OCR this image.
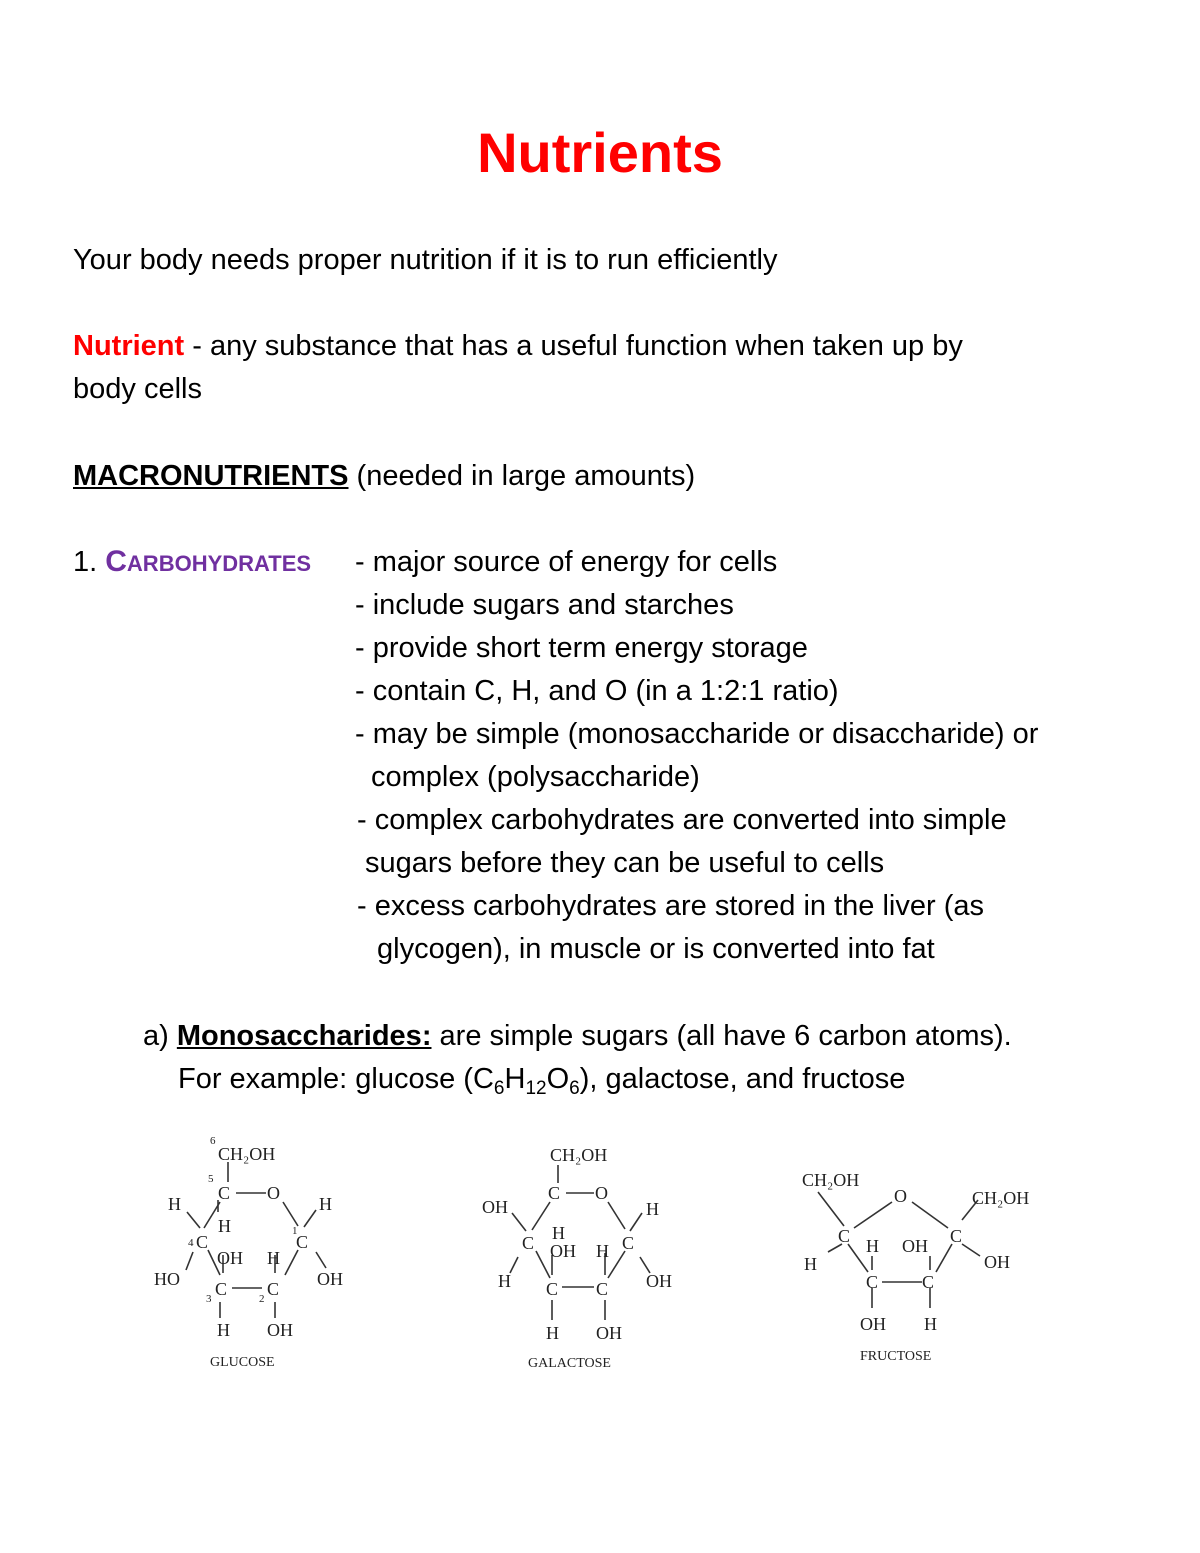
Nutrients
Your body needs proper nutrition if it is to run efficiently
Nutrient - any substance that has a useful function when taken up by
body cells
MACRONUTRIENTS (needed in large amounts)
1. CARBOHYDRATES - major source of energy for cells
- include sugars and starches
- provide short term energy storage
- contain C, H, and O (in a 1:2:1 ratio)
- may be simple (monosaccharide or disaccharide) or
complex (polysaccharide)
- complex carbohydrates are converted into simple
sugars before they can be useful to cells
- excess carbohydrates are stored in the liver (as
glycogen), in muscle or is converted into fat
a) Monosaccharides: are simple sugars (all have 6 carbon atoms).
For example: glucose $(C_6H_{12}O_6)$, galactose, and fructose
6
CH₂OH
5
C O
H	H
H
4 C
1
C
OH H
HO	OH
3 C	2 C
H OH
GLUCOSE
CH₂OH
C O
OH	H
H
C	C
OH H
H	OH
C C
H OH
GALACTOSE
CH₂OH
O	CH₂OH
C	C
H OH
H	OH
C C
OH H
FRUCTOSE
